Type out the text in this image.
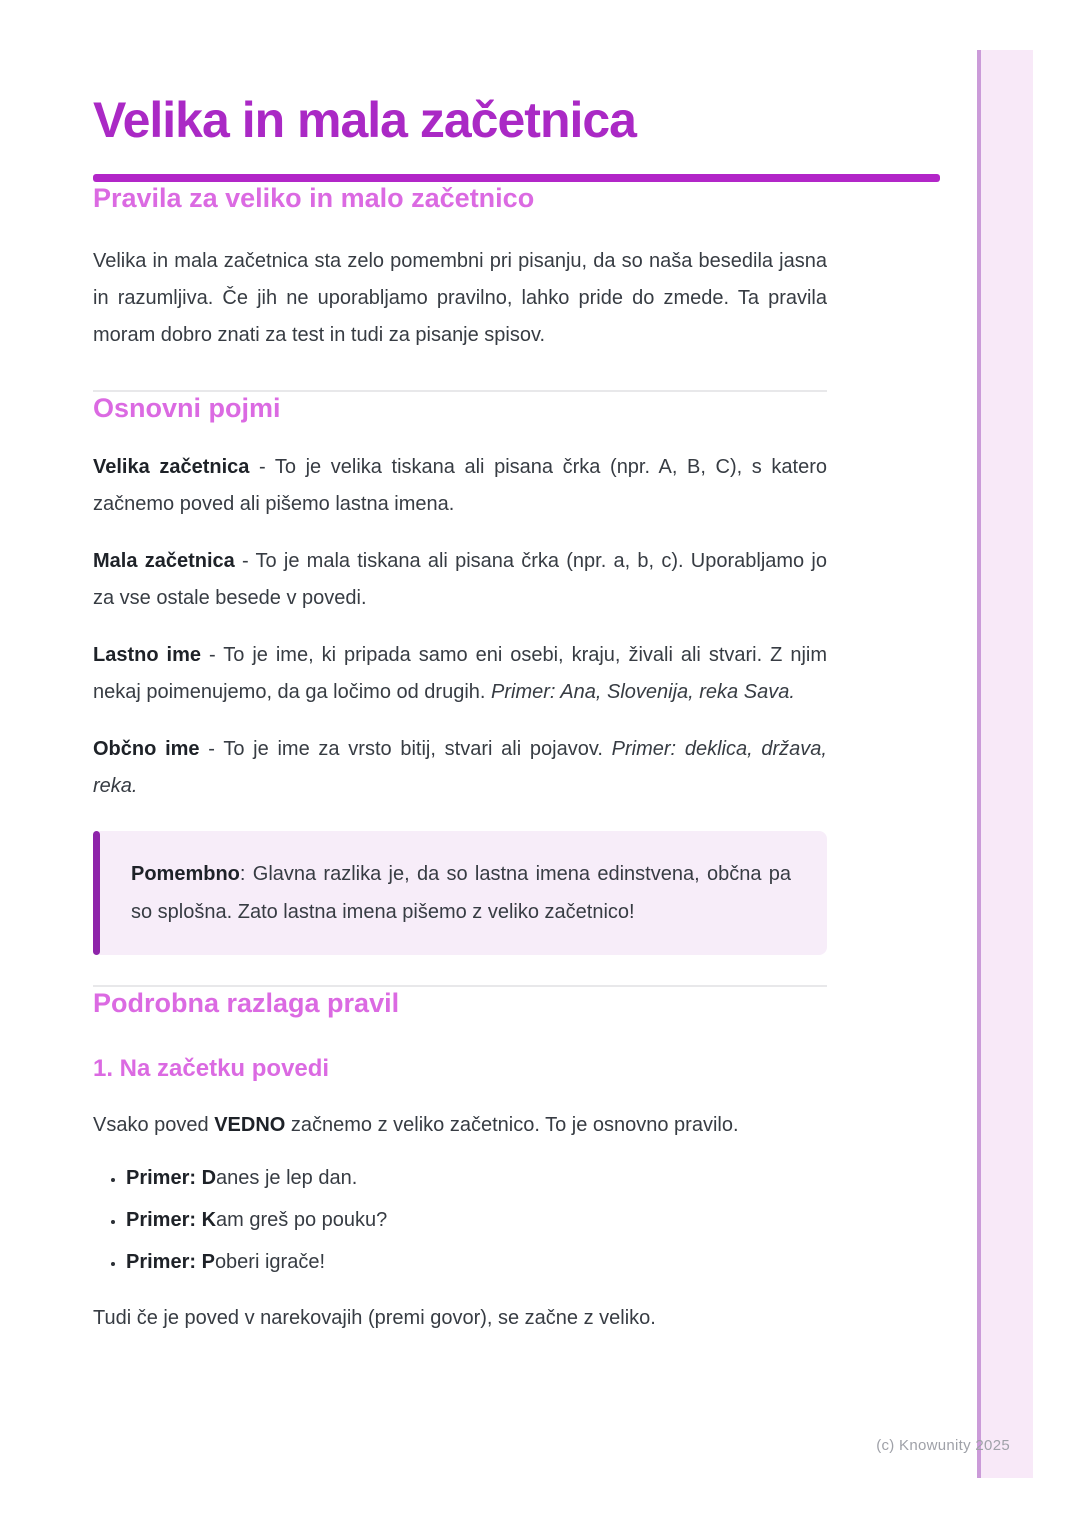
Velika in mala začetnica
Pravila za veliko in malo začetnico

Velika in mala začetnica sta zelo pomembni pri pisanju, da so naša besedila jasna in razumljiva. Če jih ne uporabljamo pravilno, lahko pride do zmede. Ta pravila moram dobro znati za test in tudi za pisanje spisov.

Osnovni pojmi

Velika začetnica - To je velika tiskana ali pisana črka (npr. A, B, C), s katero začnemo poved ali pišemo lastna imena.

Mala začetnica - To je mala tiskana ali pisana črka (npr. a, b, c). Uporabljamo jo za vse ostale besede v povedi.

Lastno ime - To je ime, ki pripada samo eni osebi, kraju, živali ali stvari. Z njim nekaj poimenujemo, da ga ločimo od drugih. Primer: Ana, Slovenija, reka Sava.

Občno ime - To je ime za vrsto bitij, stvari ali pojavov. Primer: deklica, država, reka.

Pomembno: Glavna razlika je, da so lastna imena edinstvena, občna pa so splošna. Zato lastna imena pišemo z veliko začetnico!

Podrobna razlaga pravil
1. Na začetku povedi

Vsako poved VEDNO začnemo z veliko začetnico. To je osnovno pravilo.

• Primer: Danes je lep dan.
• Primer: Kam greš po pouku?
• Primer: Poberi igrače!

Tudi če je poved v narekovajih (premi govor), se začne z veliko.

(c) Knowunity 2025
